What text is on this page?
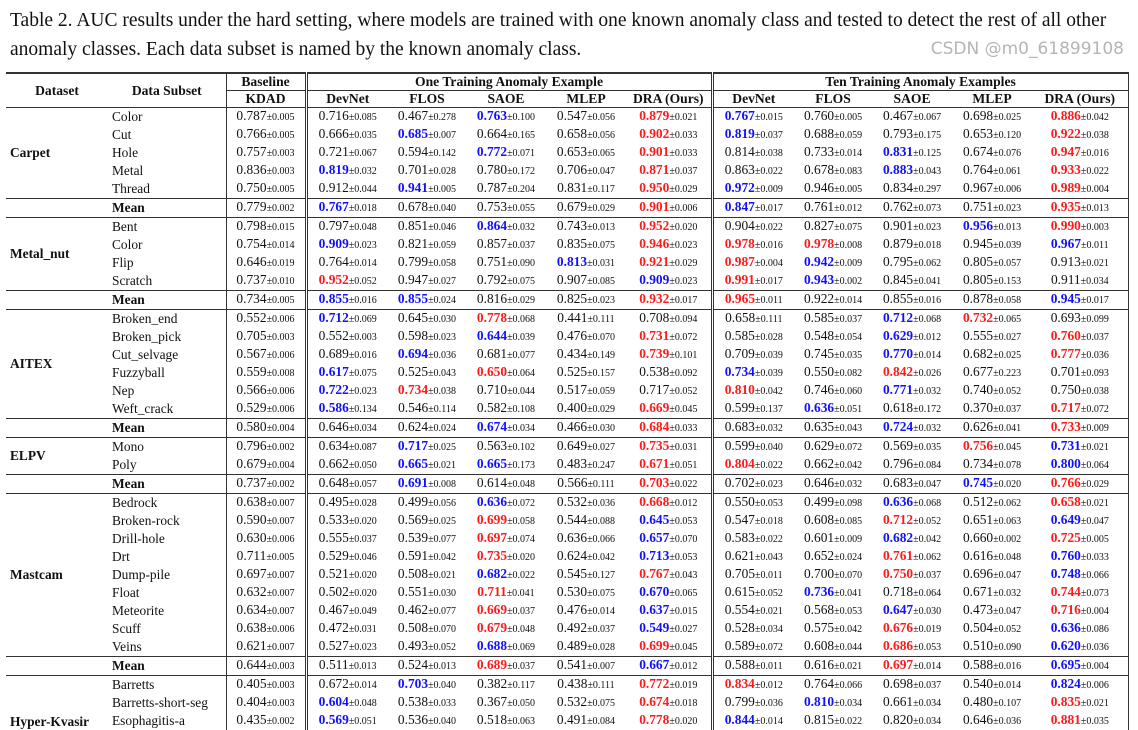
Table 2. AUC results under the hard setting, where models are trained with one known anomaly class and tested to detect the rest of all other anomaly classes. Each data subset is named by the known anomaly class.
Dataset	Data Subset	Baseline	One Training Anomaly Example					Ten Training Anomaly Examples				
		KDAD	DevNet	FLOS	SAOE	MLEP	DRA (Ours)	DevNet	FLOS	SAOE	MLEP	DRA (Ours)
Carpet	Color	0.787±0.005	0.716±0.085	0.467±0.278	0.763±0.100	0.547±0.056	0.879±0.021	0.767±0.015	0.760±0.005	0.467±0.067	0.698±0.025	0.886±0.042
	Cut	0.766±0.005	0.666±0.035	0.685±0.007	0.664±0.165	0.658±0.056	0.902±0.033	0.819±0.037	0.688±0.059	0.793±0.175	0.653±0.120	0.922±0.038
	Hole	0.757±0.003	0.721±0.067	0.594±0.142	0.772±0.071	0.653±0.065	0.901±0.033	0.814±0.038	0.733±0.014	0.831±0.125	0.674±0.076	0.947±0.016
	Metal	0.836±0.003	0.819±0.032	0.701±0.028	0.780±0.172	0.706±0.047	0.871±0.037	0.863±0.022	0.678±0.083	0.883±0.043	0.764±0.061	0.933±0.022
	Thread	0.750±0.005	0.912±0.044	0.941±0.005	0.787±0.204	0.831±0.117	0.950±0.029	0.972±0.009	0.946±0.005	0.834±0.297	0.967±0.006	0.989±0.004
	Mean	0.779±0.002	0.767±0.018	0.678±0.040	0.753±0.055	0.679±0.029	0.901±0.006	0.847±0.017	0.761±0.012	0.762±0.073	0.751±0.023	0.935±0.013
Metal_nut	Bent	0.798±0.015	0.797±0.048	0.851±0.046	0.864±0.032	0.743±0.013	0.952±0.020	0.904±0.022	0.827±0.075	0.901±0.023	0.956±0.013	0.990±0.003
	Color	0.754±0.014	0.909±0.023	0.821±0.059	0.857±0.037	0.835±0.075	0.946±0.023	0.978±0.016	0.978±0.008	0.879±0.018	0.945±0.039	0.967±0.011
	Flip	0.646±0.019	0.764±0.014	0.799±0.058	0.751±0.090	0.813±0.031	0.921±0.029	0.987±0.004	0.942±0.009	0.795±0.062	0.805±0.057	0.913±0.021
	Scratch	0.737±0.010	0.952±0.052	0.947±0.027	0.792±0.075	0.907±0.085	0.909±0.023	0.991±0.017	0.943±0.002	0.845±0.041	0.805±0.153	0.911±0.034
	Mean	0.734±0.005	0.855±0.016	0.855±0.024	0.816±0.029	0.825±0.023	0.932±0.017	0.965±0.011	0.922±0.014	0.855±0.016	0.878±0.058	0.945±0.017
AITEX	Broken_end	0.552±0.006	0.712±0.069	0.645±0.030	0.778±0.068	0.441±0.111	0.708±0.094	0.658±0.111	0.585±0.037	0.712±0.068	0.732±0.065	0.693±0.099
	Broken_pick	0.705±0.003	0.552±0.003	0.598±0.023	0.644±0.039	0.476±0.070	0.731±0.072	0.585±0.028	0.548±0.054	0.629±0.012	0.555±0.027	0.760±0.037
	Cut_selvage	0.567±0.006	0.689±0.016	0.694±0.036	0.681±0.077	0.434±0.149	0.739±0.101	0.709±0.039	0.745±0.035	0.770±0.014	0.682±0.025	0.777±0.036
	Fuzzyball	0.559±0.008	0.617±0.075	0.525±0.043	0.650±0.064	0.525±0.157	0.538±0.092	0.734±0.039	0.550±0.082	0.842±0.026	0.677±0.223	0.701±0.093
	Nep	0.566±0.006	0.722±0.023	0.734±0.038	0.710±0.044	0.517±0.059	0.717±0.052	0.810±0.042	0.746±0.060	0.771±0.032	0.740±0.052	0.750±0.038
	Weft_crack	0.529±0.006	0.586±0.134	0.546±0.114	0.582±0.108	0.400±0.029	0.669±0.045	0.599±0.137	0.636±0.051	0.618±0.172	0.370±0.037	0.717±0.072
	Mean	0.580±0.004	0.646±0.034	0.624±0.024	0.674±0.034	0.466±0.030	0.684±0.033	0.683±0.032	0.635±0.043	0.724±0.032	0.626±0.041	0.733±0.009
ELPV	Mono	0.796±0.002	0.634±0.087	0.717±0.025	0.563±0.102	0.649±0.027	0.735±0.031	0.599±0.040	0.629±0.072	0.569±0.035	0.756±0.045	0.731±0.021
	Poly	0.679±0.004	0.662±0.050	0.665±0.021	0.665±0.173	0.483±0.247	0.671±0.051	0.804±0.022	0.662±0.042	0.796±0.084	0.734±0.078	0.800±0.064
	Mean	0.737±0.002	0.648±0.057	0.691±0.008	0.614±0.048	0.566±0.111	0.703±0.022	0.702±0.023	0.646±0.032	0.683±0.047	0.745±0.020	0.766±0.029
Mastcam	Bedrock	0.638±0.007	0.495±0.028	0.499±0.056	0.636±0.072	0.532±0.036	0.668±0.012	0.550±0.053	0.499±0.098	0.636±0.068	0.512±0.062	0.658±0.021
	Broken-rock	0.590±0.007	0.533±0.020	0.569±0.025	0.699±0.058	0.544±0.088	0.645±0.053	0.547±0.018	0.608±0.085	0.712±0.052	0.651±0.063	0.649±0.047
	Drill-hole	0.630±0.006	0.555±0.037	0.539±0.077	0.697±0.074	0.636±0.066	0.657±0.070	0.583±0.022	0.601±0.009	0.682±0.042	0.660±0.002	0.725±0.005
	Drt	0.711±0.005	0.529±0.046	0.591±0.042	0.735±0.020	0.624±0.042	0.713±0.053	0.621±0.043	0.652±0.024	0.761±0.062	0.616±0.048	0.760±0.033
	Dump-pile	0.697±0.007	0.521±0.020	0.508±0.021	0.682±0.022	0.545±0.127	0.767±0.043	0.705±0.011	0.700±0.070	0.750±0.037	0.696±0.047	0.748±0.066
	Float	0.632±0.007	0.502±0.020	0.551±0.030	0.711±0.041	0.530±0.075	0.670±0.065	0.615±0.052	0.736±0.041	0.718±0.064	0.671±0.032	0.744±0.073
	Meteorite	0.634±0.007	0.467±0.049	0.462±0.077	0.669±0.037	0.476±0.014	0.637±0.015	0.554±0.021	0.568±0.053	0.647±0.030	0.473±0.047	0.716±0.004
	Scuff	0.638±0.006	0.472±0.031	0.508±0.070	0.679±0.048	0.492±0.037	0.549±0.027	0.528±0.034	0.575±0.042	0.676±0.019	0.504±0.052	0.636±0.086
	Veins	0.621±0.007	0.527±0.023	0.493±0.052	0.688±0.069	0.489±0.028	0.699±0.045	0.589±0.072	0.608±0.044	0.686±0.053	0.510±0.090	0.620±0.036
	Mean	0.644±0.003	0.511±0.013	0.524±0.013	0.689±0.037	0.541±0.007	0.667±0.012	0.588±0.011	0.616±0.021	0.697±0.014	0.588±0.016	0.695±0.004
Hyper-Kvasir	Barretts	0.405±0.003	0.672±0.014	0.703±0.040	0.382±0.117	0.438±0.111	0.772±0.019	0.834±0.012	0.764±0.066	0.698±0.037	0.540±0.014	0.824±0.006
	Barretts-short-seg	0.404±0.003	0.604±0.048	0.538±0.033	0.367±0.050	0.532±0.075	0.674±0.018	0.799±0.036	0.810±0.034	0.661±0.034	0.480±0.107	0.835±0.021
	Esophagitis-a	0.435±0.002	0.569±0.051	0.536±0.040	0.518±0.063	0.491±0.084	0.778±0.020	0.844±0.014	0.815±0.022	0.820±0.034	0.646±0.036	0.881±0.035
CSDN @m0_61899108
